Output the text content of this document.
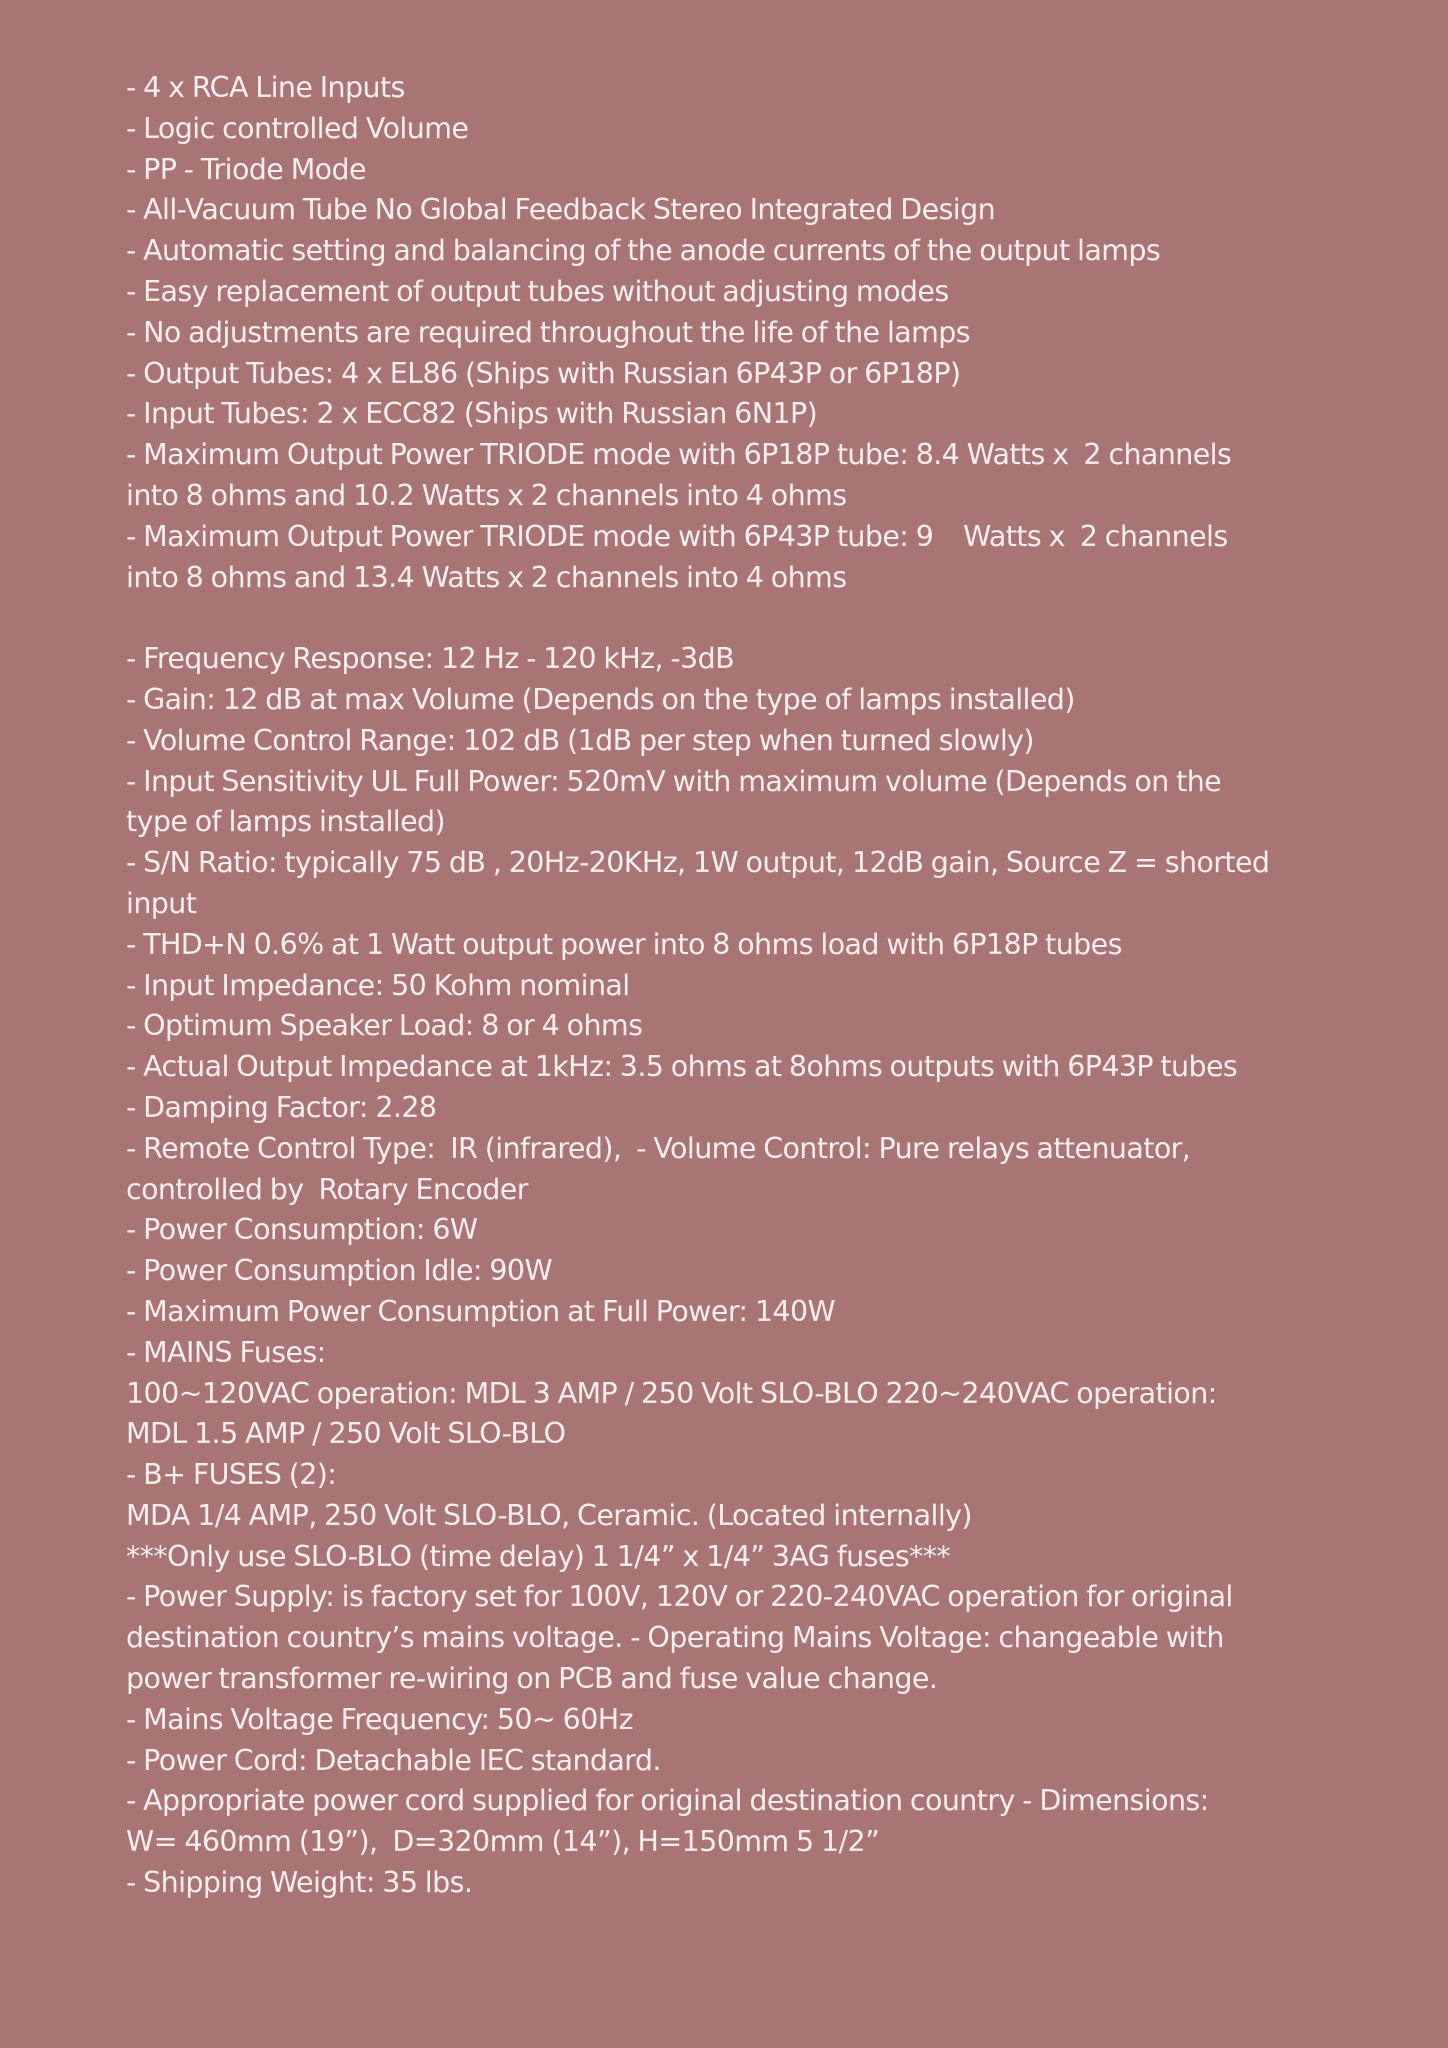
- 4 x RCA Line Inputs
- Logic controlled Volume
- PP - Triode Mode
- All-Vacuum Tube No Global Feedback Stereo Integrated Design
- Automatic setting and balancing of the anode currents of the output lamps
- Easy replacement of output tubes without adjusting modes
- No adjustments are required throughout the life of the lamps
- Output Tubes: 4 x EL86 (Ships with Russian 6P43P or 6P18P)
- Input Tubes: 2 x ECC82 (Ships with Russian 6N1P)
- Maximum Output Power TRIODE mode with 6P18P tube: 8.4 Watts x  2 channels
into 8 ohms and 10.2 Watts x 2 channels into 4 ohms
- Maximum Output Power TRIODE mode with 6P43P tube: 9    Watts x  2 channels
into 8 ohms and 13.4 Watts x 2 channels into 4 ohms
- Frequency Response: 12 Hz - 120 kHz, -3dB
- Gain: 12 dB at max Volume (Depends on the type of lamps installed)
- Volume Control Range: 102 dB (1dB per step when turned slowly)
- Input Sensitivity UL Full Power: 520mV with maximum volume (Depends on the
type of lamps installed)
- S/N Ratio: typically 75 dB , 20Hz-20KHz, 1W output, 12dB gain, Source Z = shorted
input
- THD+N 0.6% at 1 Watt output power into 8 ohms load with 6P18P tubes
- Input Impedance: 50 Kohm nominal
- Optimum Speaker Load: 8 or 4 ohms
- Actual Output Impedance at 1kHz: 3.5 ohms at 8ohms outputs with 6P43P tubes
- Damping Factor: 2.28
- Remote Control Type:  IR (infrared),  - Volume Control: Pure relays attenuator,
controlled by  Rotary Encoder
- Power Consumption: 6W
- Power Consumption Idle: 90W
- Maximum Power Consumption at Full Power: 140W
- MAINS Fuses:
100~120VAC operation: MDL 3 AMP / 250 Volt SLO-BLO 220~240VAC operation:
MDL 1.5 AMP / 250 Volt SLO-BLO
- B+ FUSES (2):
MDA 1/4 AMP, 250 Volt SLO-BLO, Ceramic. (Located internally)
***Only use SLO-BLO (time delay) 1 1/4” x 1/4” 3AG fuses***
- Power Supply: is factory set for 100V, 120V or 220-240VAC operation for original
destination country’s mains voltage. - Operating Mains Voltage: changeable with
power transformer re-wiring on PCB and fuse value change.
- Mains Voltage Frequency: 50~ 60Hz
- Power Cord: Detachable IEC standard.
- Appropriate power cord supplied for original destination country - Dimensions:
W= 460mm (19”),  D=320mm (14”), H=150mm 5 1/2”
- Shipping Weight: 35 lbs.
